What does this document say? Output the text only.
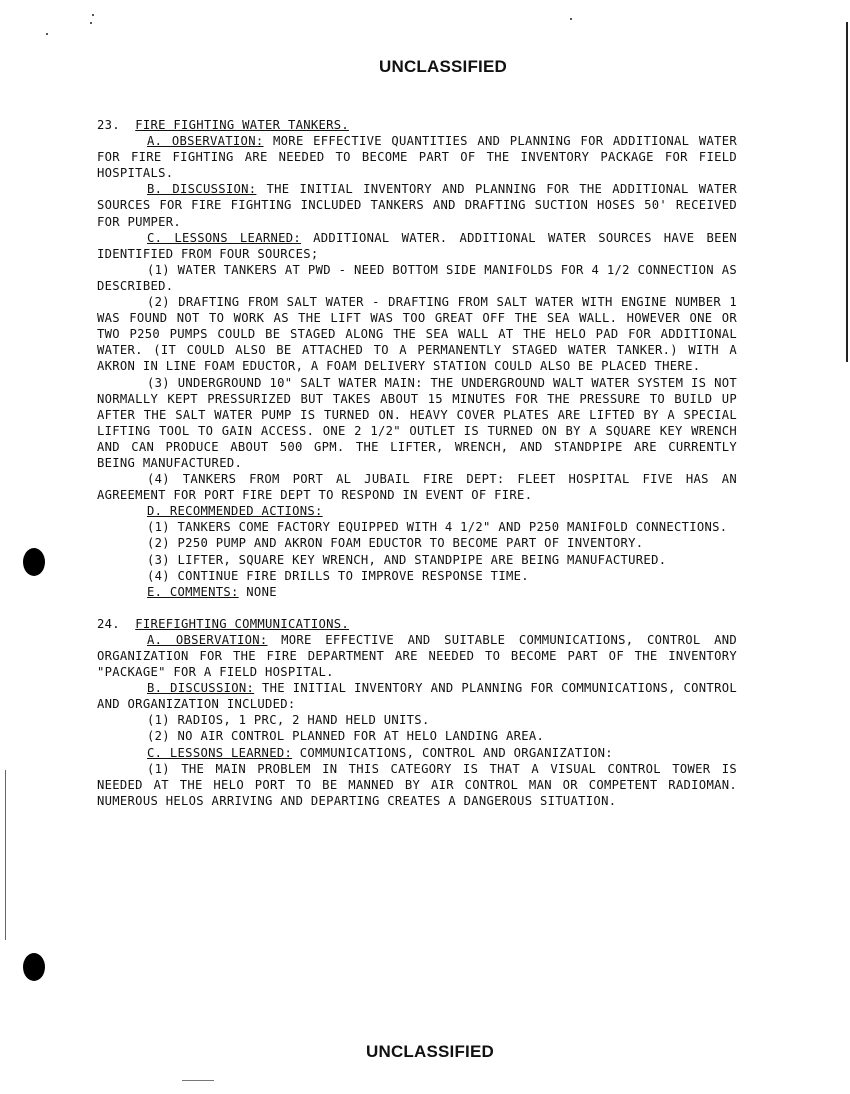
UNCLASSIFIED

23. FIRE FIGHTING WATER TANKERS.

A. OBSERVATION: MORE EFFECTIVE QUANTITIES AND PLANNING FOR ADDITIONAL WATER FOR FIRE FIGHTING ARE NEEDED TO BECOME PART OF THE INVENTORY PACKAGE FOR FIELD HOSPITALS.

B. DISCUSSION: THE INITIAL INVENTORY AND PLANNING FOR THE ADDITIONAL WATER SOURCES FOR FIRE FIGHTING INCLUDED TANKERS AND DRAFTING SUCTION HOSES 50' RECEIVED FOR PUMPER.

C. LESSONS LEARNED: ADDITIONAL WATER. ADDITIONAL WATER SOURCES HAVE BEEN IDENTIFIED FROM FOUR SOURCES;

(1) WATER TANKERS AT PWD - NEED BOTTOM SIDE MANIFOLDS FOR 4 1/2 CONNECTION AS DESCRIBED.

(2) DRAFTING FROM SALT WATER - DRAFTING FROM SALT WATER WITH ENGINE NUMBER 1 WAS FOUND NOT TO WORK AS THE LIFT WAS TOO GREAT OFF THE SEA WALL. HOWEVER ONE OR TWO P250 PUMPS COULD BE STAGED ALONG THE SEA WALL AT THE HELO PAD FOR ADDITIONAL WATER. (IT COULD ALSO BE ATTACHED TO A PERMANENTLY STAGED WATER TANKER.) WITH A AKRON IN LINE FOAM EDUCTOR, A FOAM DELIVERY STATION COULD ALSO BE PLACED THERE.

(3) UNDERGROUND 10" SALT WATER MAIN: THE UNDERGROUND WALT WATER SYSTEM IS NOT NORMALLY KEPT PRESSURIZED BUT TAKES ABOUT 15 MINUTES FOR THE PRESSURE TO BUILD UP AFTER THE SALT WATER PUMP IS TURNED ON. HEAVY COVER PLATES ARE LIFTED BY A SPECIAL LIFTING TOOL TO GAIN ACCESS. ONE 2 1/2" OUTLET IS TURNED ON BY A SQUARE KEY WRENCH AND CAN PRODUCE ABOUT 500 GPM. THE LIFTER, WRENCH, AND STANDPIPE ARE CURRENTLY BEING MANUFACTURED.

(4) TANKERS FROM PORT AL JUBAIL FIRE DEPT: FLEET HOSPITAL FIVE HAS AN AGREEMENT FOR PORT FIRE DEPT TO RESPOND IN EVENT OF FIRE.

D. RECOMMENDED ACTIONS:

(1) TANKERS COME FACTORY EQUIPPED WITH 4 1/2" AND P250 MANIFOLD CONNECTIONS.

(2) P250 PUMP AND AKRON FOAM EDUCTOR TO BECOME PART OF INVENTORY.

(3) LIFTER, SQUARE KEY WRENCH, AND STANDPIPE ARE BEING MANUFACTURED.

(4) CONTINUE FIRE DRILLS TO IMPROVE RESPONSE TIME.

E. COMMENTS: NONE

24. FIREFIGHTING COMMUNICATIONS.

A. OBSERVATION: MORE EFFECTIVE AND SUITABLE COMMUNICATIONS, CONTROL AND ORGANIZATION FOR THE FIRE DEPARTMENT ARE NEEDED TO BECOME PART OF THE INVENTORY "PACKAGE" FOR A FIELD HOSPITAL.

B. DISCUSSION: THE INITIAL INVENTORY AND PLANNING FOR COMMUNICATIONS, CONTROL AND ORGANIZATION INCLUDED:

(1) RADIOS, 1 PRC, 2 HAND HELD UNITS.

(2) NO AIR CONTROL PLANNED FOR AT HELO LANDING AREA.

C. LESSONS LEARNED: COMMUNICATIONS, CONTROL AND ORGANIZATION:

(1) THE MAIN PROBLEM IN THIS CATEGORY IS THAT A VISUAL CONTROL TOWER IS NEEDED AT THE HELO PORT TO BE MANNED BY AIR CONTROL MAN OR COMPETENT RADIOMAN. NUMEROUS HELOS ARRIVING AND DEPARTING CREATES A DANGEROUS SITUATION.

UNCLASSIFIED
